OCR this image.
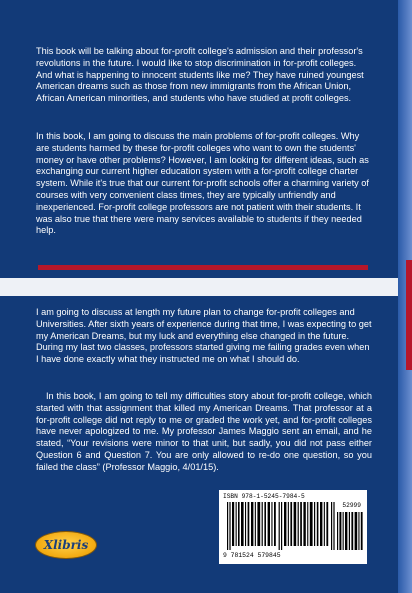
This book will be talking about for-profit college's admission and their professor's revolutions in the future. I would like to stop discrimination in for-profit colleges. And what is happening to innocent students like me? They have ruined youngest American dreams such as those from new immigrants from the African Union, African American minorities, and students who have studied at profit colleges.

In this book, I am going to discuss the main problems of for-profit colleges. Why are students harmed by these for-profit colleges who want to own the students' money or have other problems? However, I am looking for different ideas, such as exchanging our current higher education system with a for-profit college charter system. While it's true that our current for-profit schools offer a charming variety of courses with very convenient class times, they are typically unfriendly and inexperienced. For-profit college professors are not patient with their students. It was also true that there were many services available to students if they needed help.

I am going to discuss at length my future plan to change for-profit colleges and Universities. After sixth years of experience during that time, I was expecting to get my American Dreams, but my luck and everything else changed in the future. During my last two classes, professors started giving me failing grades even when I have done exactly what they instructed me on what I should do.

In this book, I am going to tell my difficulties story about for-profit college, which started with that assignment that killed my American Dreams. That professor at a for-profit college did not reply to me or graded the work yet, and for-profit colleges have never apologized to me. My professor James Maggio sent an email, and he stated, “Your revisions were minor to that unit, but sadly, you did not pass either Question 6 and Question 7. You are only allowed to re-do one question, so you failed the class” (Professor Maggio, 4/01/15).

Xlibris
ISBN 978-1-5245-7984-5
52999
9 781524 579845
